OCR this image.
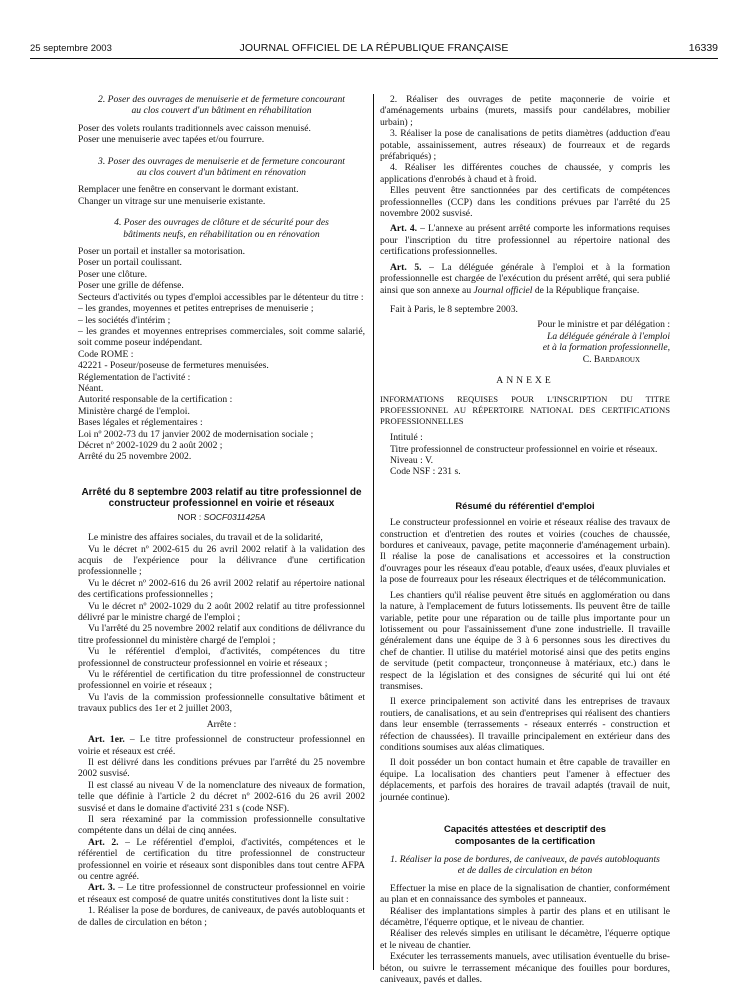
25 septembre 2003	JOURNAL OFFICIEL DE LA RÉPUBLIQUE FRANÇAISE	16339
2. Poser des ouvrages de menuiserie et de fermeture concourant au clos couvert d'un bâtiment en réhabilitation

Poser des volets roulants traditionnels avec caisson menuisé.

Poser une menuiserie avec tapées et/ou fourrure.

3. Poser des ouvrages de menuiserie et de fermeture concourant au clos couvert d'un bâtiment en rénovation

Remplacer une fenêtre en conservant le dormant existant.

Changer un vitrage sur une menuiserie existante.

4. Poser des ouvrages de clôture et de sécurité pour des bâtiments neufs, en réhabilitation ou en rénovation

Poser un portail et installer sa motorisation.

Poser un portail coulissant.

Poser une clôture.

Poser une grille de défense.

Secteurs d'activités ou types d'emploi accessibles par le détenteur du titre :

– les grandes, moyennes et petites entreprises de menuiserie ;

– les sociétés d'intérim ;

– les grandes et moyennes entreprises commerciales, soit comme salarié, soit comme poseur indépendant.

Code ROME :

42221 - Poseur/poseuse de fermetures menuisées.

Réglementation de l'activité :

Néant.

Autorité responsable de la certification :

Ministère chargé de l'emploi.

Bases légales et réglementaires :

Loi nº 2002-73 du 17 janvier 2002 de modernisation sociale ;

Décret nº 2002-1029 du 2 août 2002 ;

Arrêté du 25 novembre 2002.

Arrêté du 8 septembre 2003 relatif au titre professionnel de constructeur professionnel en voirie et réseaux
NOR : SOCF0311425A

Le ministre des affaires sociales, du travail et de la solidarité,

Vu le décret nº 2002-615 du 26 avril 2002 relatif à la validation des acquis de l'expérience pour la délivrance d'une certification professionnelle ;

Vu le décret nº 2002-616 du 26 avril 2002 relatif au répertoire national des certifications professionnelles ;

Vu le décret nº 2002-1029 du 2 août 2002 relatif au titre professionnel délivré par le ministre chargé de l'emploi ;

Vu l'arrêté du 25 novembre 2002 relatif aux conditions de délivrance du titre professionnel du ministère chargé de l'emploi ;

Vu le référentiel d'emploi, d'activités, compétences du titre professionnel de constructeur professionnel en voirie et réseaux ;

Vu le référentiel de certification du titre professionnel de constructeur professionnel en voirie et réseaux ;

Vu l'avis de la commission professionnelle consultative bâtiment et travaux publics des 1er et 2 juillet 2003,

Arrête :

Art. 1er. – Le titre professionnel de constructeur professionnel en voirie et réseaux est créé.

Il est délivré dans les conditions prévues par l'arrêté du 25 novembre 2002 susvisé.

Il est classé au niveau V de la nomenclature des niveaux de formation, telle que définie à l'article 2 du décret nº 2002-616 du 26 avril 2002 susvisé et dans le domaine d'activité 231 s (code NSF).

Il sera réexaminé par la commission professionnelle consultative compétente dans un délai de cinq années.

Art. 2. – Le référentiel d'emploi, d'activités, compétences et le référentiel de certification du titre professionnel de constructeur professionnel en voirie et réseaux sont disponibles dans tout centre AFPA ou centre agréé.

Art. 3. – Le titre professionnel de constructeur professionnel en voirie et réseaux est composé de quatre unités constitutives dont la liste suit :

1. Réaliser la pose de bordures, de caniveaux, de pavés autobloquants et de dalles de circulation en béton ;

2. Réaliser des ouvrages de petite maçonnerie de voirie et d'aménagements urbains (murets, massifs pour candélabres, mobilier urbain) ;

3. Réaliser la pose de canalisations de petits diamètres (adduction d'eau potable, assainissement, autres réseaux) de fourreaux et de regards préfabriqués) ;

4. Réaliser les différentes couches de chaussée, y compris les applications d'enrobés à chaud et à froid.

Elles peuvent être sanctionnées par des certificats de compétences professionnelles (CCP) dans les conditions prévues par l'arrêté du 25 novembre 2002 susvisé.

Art. 4. – L'annexe au présent arrêté comporte les informations requises pour l'inscription du titre professionnel au répertoire national des certifications professionnelles.

Art. 5. – La déléguée générale à l'emploi et à la formation professionnelle est chargée de l'exécution du présent arrêté, qui sera publié ainsi que son annexe au Journal officiel de la République française.

Fait à Paris, le 8 septembre 2003.

Pour le ministre et par délégation :

La déléguée générale à l'emploi

et à la formation professionnelle,

C. Bardaroux

ANNEXE

INFORMATIONS REQUISES POUR L'INSCRIPTION DU TITRE PROFESSIONNEL AU RÉPERTOIRE NATIONAL DES CERTIFICATIONS PROFESSIONNELLES

Intitulé :

Titre professionnel de constructeur professionnel en voirie et réseaux.

Niveau : V.

Code NSF : 231 s.

Résumé du référentiel d'emploi

Le constructeur professionnel en voirie et réseaux réalise des travaux de construction et d'entretien des routes et voiries (couches de chaussée, bordures et caniveaux, pavage, petite maçonnerie d'aménagement urbain). Il réalise la pose de canalisations et accessoires et la construction d'ouvrages pour les réseaux d'eau potable, d'eaux usées, d'eaux pluviales et la pose de fourreaux pour les réseaux électriques et de télécommunication.

Les chantiers qu'il réalise peuvent être situés en agglomération ou dans la nature, à l'emplacement de futurs lotissements. Ils peuvent être de taille variable, petite pour une réparation ou de taille plus importante pour un lotissement ou pour l'assainissement d'une zone industrielle. Il travaille généralement dans une équipe de 3 à 6 personnes sous les directives du chef de chantier. Il utilise du matériel motorisé ainsi que des petits engins de servitude (petit compacteur, tronçonneuse à matériaux, etc.) dans le respect de la législation et des consignes de sécurité qui lui ont été transmises.

Il exerce principalement son activité dans les entreprises de travaux routiers, de canalisations, et au sein d'entreprises qui réalisent des chantiers dans leur ensemble (terrassements - réseaux enterrés - construction et réfection de chaussées). Il travaille principalement en extérieur dans des conditions soumises aux aléas climatiques.

Il doit posséder un bon contact humain et être capable de travailler en équipe. La localisation des chantiers peut l'amener à effectuer des déplacements, et parfois des horaires de travail adaptés (travail de nuit, journée continue).

Capacités attestées et descriptif des composantes de la certification
1. Réaliser la pose de bordures, de caniveaux, de pavés autobloquants et de dalles de circulation en béton

Effectuer la mise en place de la signalisation de chantier, conformément au plan et en connaissance des symboles et panneaux.

Réaliser des implantations simples à partir des plans et en utilisant le décamètre, l'équerre optique, et le niveau de chantier.

Réaliser des relevés simples en utilisant le décamètre, l'équerre optique et le niveau de chantier.

Exécuter les terrassements manuels, avec utilisation éventuelle du brise-béton, ou suivre le terrassement mécanique des fouilles pour bordures, caniveaux, pavés et dalles.
